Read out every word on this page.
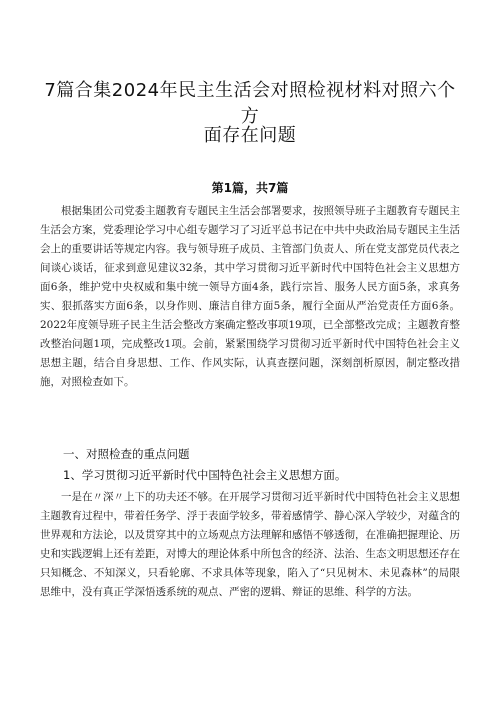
7篇合集2024年民主生活会对照检视材料对照六个方
面存在问题
第1篇，共7篇

根据集团公司党委主题教育专题民主生活会部署要求，按照领导班子主题教育专题民主生活会方案，党委理论学习中心组专题学习了习近平总书记在中共中央政治局专题民主生活会上的重要讲话等规定内容。我与领导班子成员、主管部门负责人、所在党支部党员代表之间谈心谈话，征求到意见建议32条，其中学习贯彻习近平新时代中国特色社会主义思想方面6条，维护党中央权威和集中统一领导方面4条，践行宗旨、服务人民方面5条，求真务实、狠抓落实方面6条，以身作则、廉洁自律方面5条，履行全面从严治党责任方面6条。2022年度领导班子民主生活会整改方案确定整改事项19项，已全部整改完成；主题教育整改整治问题1项，完成整改1项。会前，紧紧围绕学习贯彻习近平新时代中国特色社会主义思想主题，结合自身思想、工作、作风实际，认真查摆问题，深刻剖析原因，制定整改措施，对照检查如下。

一、对照检查的重点问题

1、学习贯彻习近平新时代中国特色社会主义思想方面。

一是在〃深〃上下的功夫还不够。在开展学习贯彻习近平新时代中国特色社会主义思想主题教育过程中，带着任务学、浮于表面学较多，带着感情学、静心深入学较少，对蕴含的世界观和方法论，以及贯穿其中的立场观点方法理解和感悟不够透彻，在准确把握理论、历史和实践逻辑上还有差距，对博大的理论体系中所包含的经济、法治、生态文明思想还存在只知概念、不知深义，只看轮廓、不求具体等现象，陷入了“只见树木、未见森林”的局限思维中，没有真正学深悟透系统的观点、严密的逻辑、辩证的思维、科学的方法。
